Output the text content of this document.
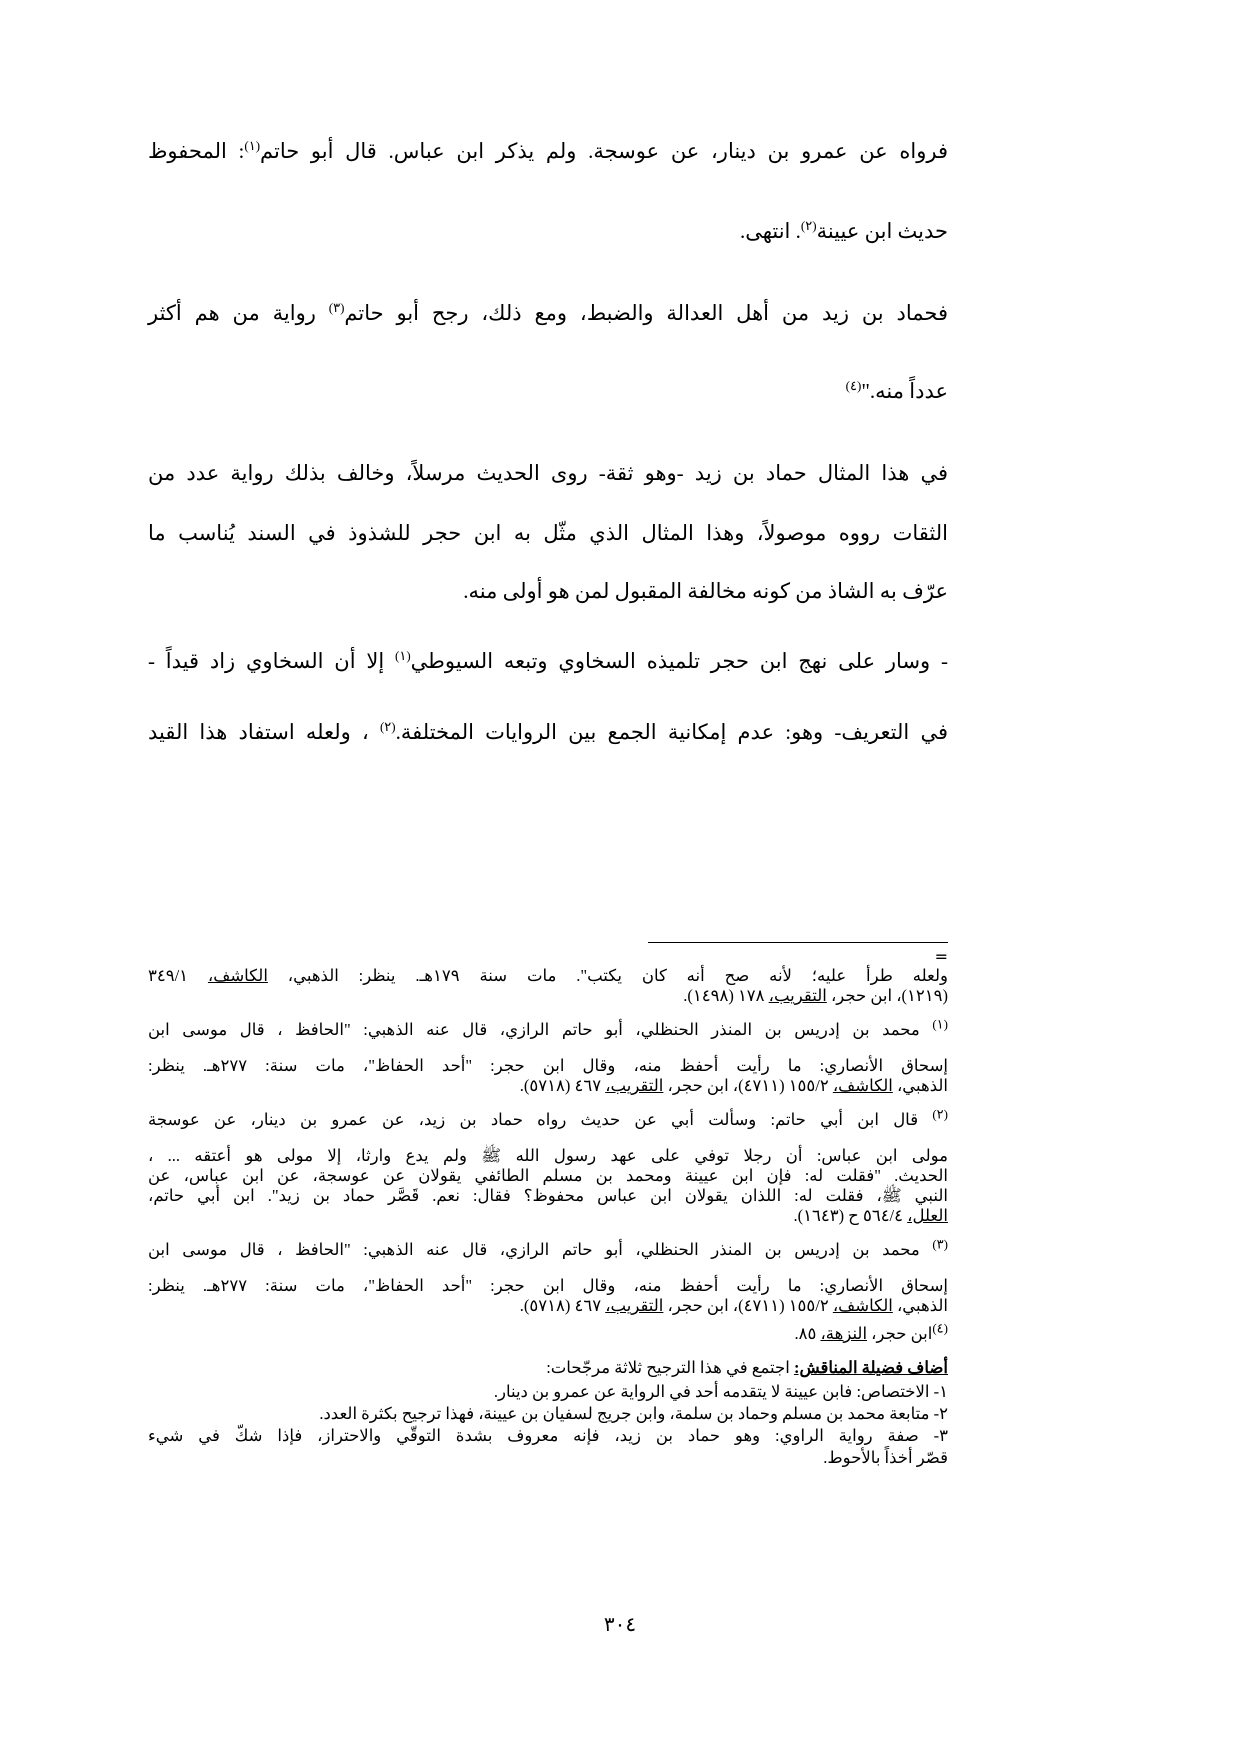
فرواه عن عمرو بن دينار، عن عوسجة. ولم يذكر ابن عباس. قال أبو حاتم$^{(١)}$: المحفوظ
حديث ابن عيينة$^{(٢)}$. انتهى.
فحماد بن زيد من أهل العدالة والضبط، ومع ذلك، رجح أبو حاتم$^{(٣)}$ رواية من هم أكثر
عدداً منه."$^{(٤)}$
في هذا المثال حماد بن زيد -وهو ثقة- روى الحديث مرسلاً، وخالف بذلك رواية عدد من
الثقات رووه موصولاً، وهذا المثال الذي مثّل به ابن حجر للشذوذ في السند يُناسب ما
عرّف به الشاذ من كونه مخالفة المقبول لمن هو أولى منه.
- وسار على نهج ابن حجر تلميذه السخاوي وتبعه السيوطي$^{(١)}$ إلا أن السخاوي زاد قيداً -
في التعريف- وهو: عدم إمكانية الجمع بين الروايات المختلفة.$^{(٢)}$ ، ولعله استفاد هذا القيد
=
ولعله طرأ عليه؛ لأنه صح أنه كان يكتب". مات سنة ١٧٩هـ. ينظر: الذهبي، الكاشف، ٣٤٩/١
(١٢١٩)، ابن حجر، التقريب، ١٧٨ (١٤٩٨).
$^{(١)}$ محمد بن إدريس بن المنذر الحنظلي، أبو حاتم الرازي، قال عنه الذهبي: "الحافظ ، قال موسى ابن
إسحاق الأنصاري: ما رأيت أحفظ منه، وقال ابن حجر: "أحد الحفاظ"، مات سنة: ٢٧٧هـ. ينظر:
الذهبي، الكاشف، ١٥٥/٢ (٤٧١١)، ابن حجر، التقريب، ٤٦٧ (٥٧١٨).
$^{(٢)}$ قال ابن أبي حاتم: وسألت أبي عن حديث رواه حماد بن زيد، عن عمرو بن دينار، عن عوسجة
مولى ابن عباس: أن رجلا توفي على عهد رسول الله ﷺ ولم يدع وارثا، إلا مولى هو أعتقه ... ،
الحديث. "فقلت له: فإن ابن عيينة ومحمد بن مسلم الطائفي يقولان عن عوسجة، عن ابن عباس، عن
النبي ﷺ، فقلت له: اللذان يقولان ابن عباس محفوظ؟ فقال: نعم. قَصَّر حماد بن زيد". ابن أبي حاتم،
العلل، ٥٦٤/٤ ح (١٦٤٣).
$^{(٣)}$ محمد بن إدريس بن المنذر الحنظلي، أبو حاتم الرازي، قال عنه الذهبي: "الحافظ ، قال موسى ابن
إسحاق الأنصاري: ما رأيت أحفظ منه، وقال ابن حجر: "أحد الحفاظ"، مات سنة: ٢٧٧هـ. ينظر:
الذهبي، الكاشف، ١٥٥/٢ (٤٧١١)، ابن حجر، التقريب، ٤٦٧ (٥٧١٨).
$^{(٤)}$ابن حجر، النزهة، ٨٥.
أضاف فضيلة المناقش: اجتمع في هذا الترجيح ثلاثة مرجّحات:
١- الاختصاص: فابن عيينة لا يتقدمه أحد في الرواية عن عمرو بن دينار.
٢- متابعة محمد بن مسلم وحماد بن سلمة، وابن جريج لسفيان بن عيينة، فهذا ترجيح بكثرة العدد.
٣- صفة رواية الراوي: وهو حماد بن زيد، فإنه معروف بشدة التوقّي والاحتراز، فإذا شكّ في شيء
قصّر أخذاً بالأحوط.
٣٠٤
